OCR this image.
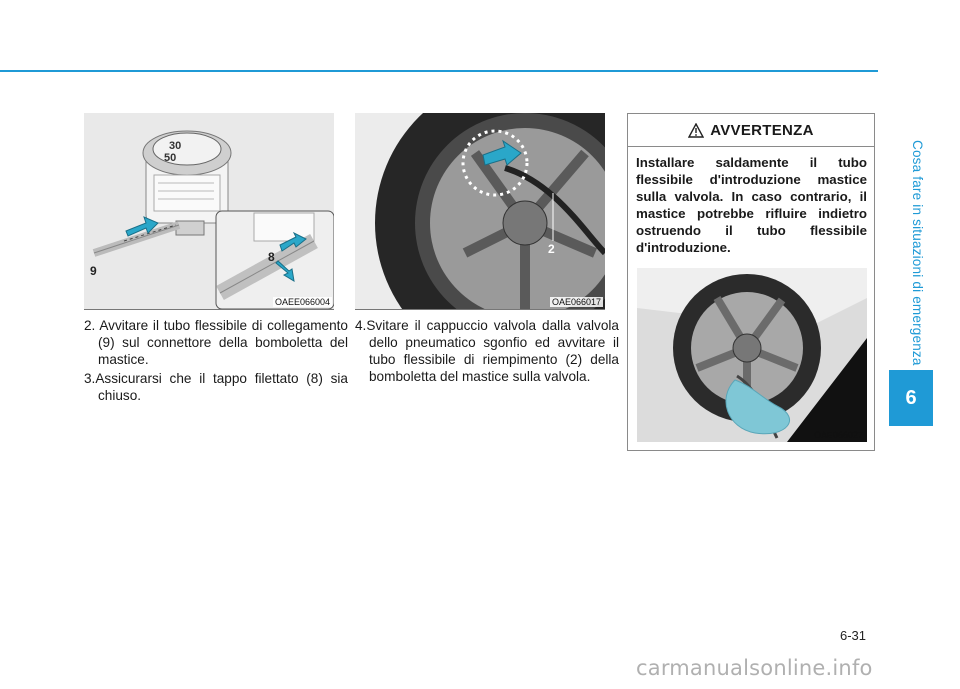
Cosa fare in situazioni di emergenza
6
30
50
9
8
OAEE066004
2
OAE066017
2. Avvitare il tubo flessibile di collegamento (9) sul connettore della bomboletta del mastice.
3.Assicurarsi che il tappo filettato (8) sia chiuso.
4.Svitare il cappuccio valvola dalla valvola dello pneumatico sgonfio ed avvitare il tubo flessibile di riempimento (2) della bomboletta del mastice sulla valvola.
AVVERTENZA
Installare saldamente il tubo flessibile d'introduzione mastice sulla valvola. In caso contrario, il mastice potrebbe rifluire indietro ostruendo il tubo flessibile d'introduzione.
OAE066027
6-31
carmanualsonline.info
